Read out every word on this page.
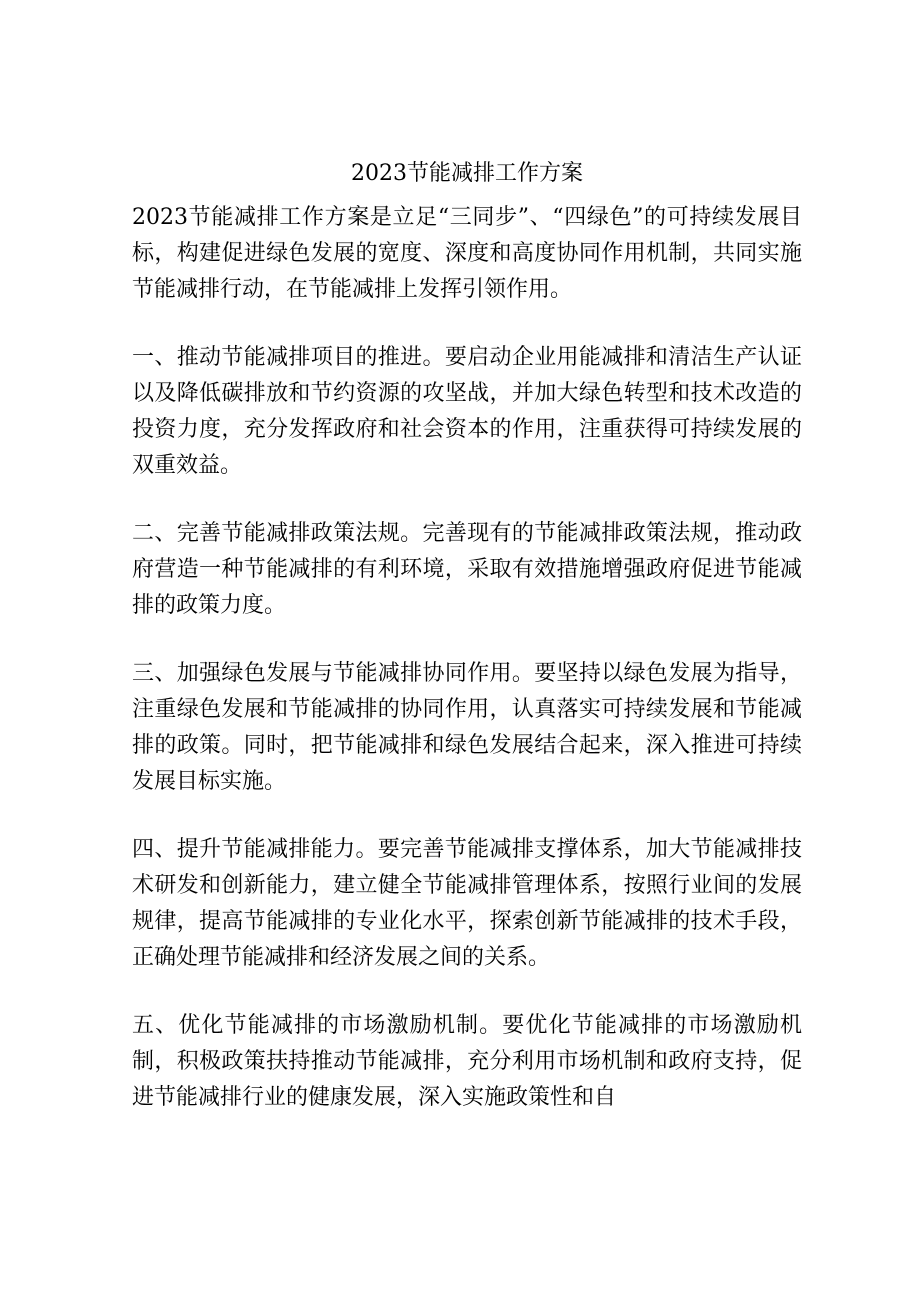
2023节能减排工作方案

2023节能减排工作方案是立足“三同步”、“四绿色”的可持续发展目标，构建促进绿色发展的宽度、深度和高度协同作用机制，共同实施节能减排行动，在节能减排上发挥引领作用。

一、推动节能减排项目的推进。要启动企业用能减排和清洁生产认证以及降低碳排放和节约资源的攻坚战，并加大绿色转型和技术改造的投资力度，充分发挥政府和社会资本的作用，注重获得可持续发展的双重效益。

二、完善节能减排政策法规。完善现有的节能减排政策法规，推动政府营造一种节能减排的有利环境，采取有效措施增强政府促进节能减排的政策力度。

三、加强绿色发展与节能减排协同作用。要坚持以绿色发展为指导，注重绿色发展和节能减排的协同作用，认真落实可持续发展和节能减排的政策。同时，把节能减排和绿色发展结合起来，深入推进可持续发展目标实施。

四、提升节能减排能力。要完善节能减排支撑体系，加大节能减排技术研发和创新能力，建立健全节能减排管理体系，按照行业间的发展规律，提高节能减排的专业化水平，探索创新节能减排的技术手段，正确处理节能减排和经济发展之间的关系。

五、优化节能减排的市场激励机制。要优化节能减排的市场激励机制，积极政策扶持推动节能减排，充分利用市场机制和政府支持，促进节能减排行业的健康发展，深入实施政策性和自
